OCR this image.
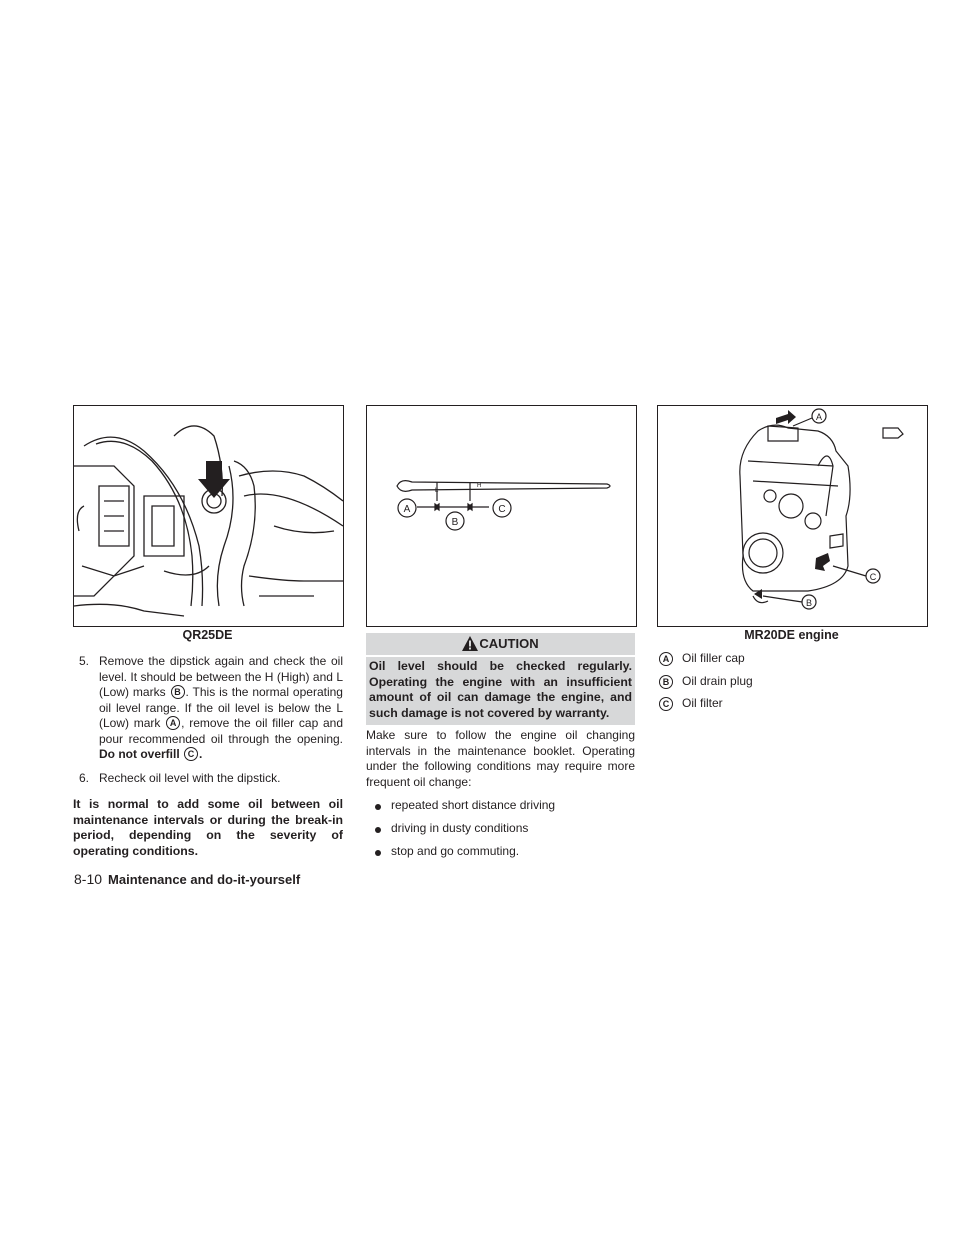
QR25DE
L
H
A
B
C
A
C
B
MR20DE engine
5. Remove the dipstick again and check the oil level. It should be between the H (High) and L (Low) marks B . This is the normal operating oil level range. If the oil level is below the L (Low) mark A , remove the oil filler cap and pour recommended oil through the opening. Do not overfill C .
6. Recheck oil level with the dipstick.
It is normal to add some oil between oil maintenance intervals or during the break-in period, depending on the severity of operating conditions.
CAUTION
Oil level should be checked regularly. Operating the engine with an insufficient amount of oil can damage the engine, and such damage is not covered by warranty.
Make sure to follow the engine oil changing intervals in the maintenance booklet. Operating under the following conditions may require more frequent oil change:
repeated short distance driving
driving in dusty conditions
stop and go commuting.
A	Oil filler cap
B	Oil drain plug
C	Oil filter
8-10 Maintenance and do-it-yourself
